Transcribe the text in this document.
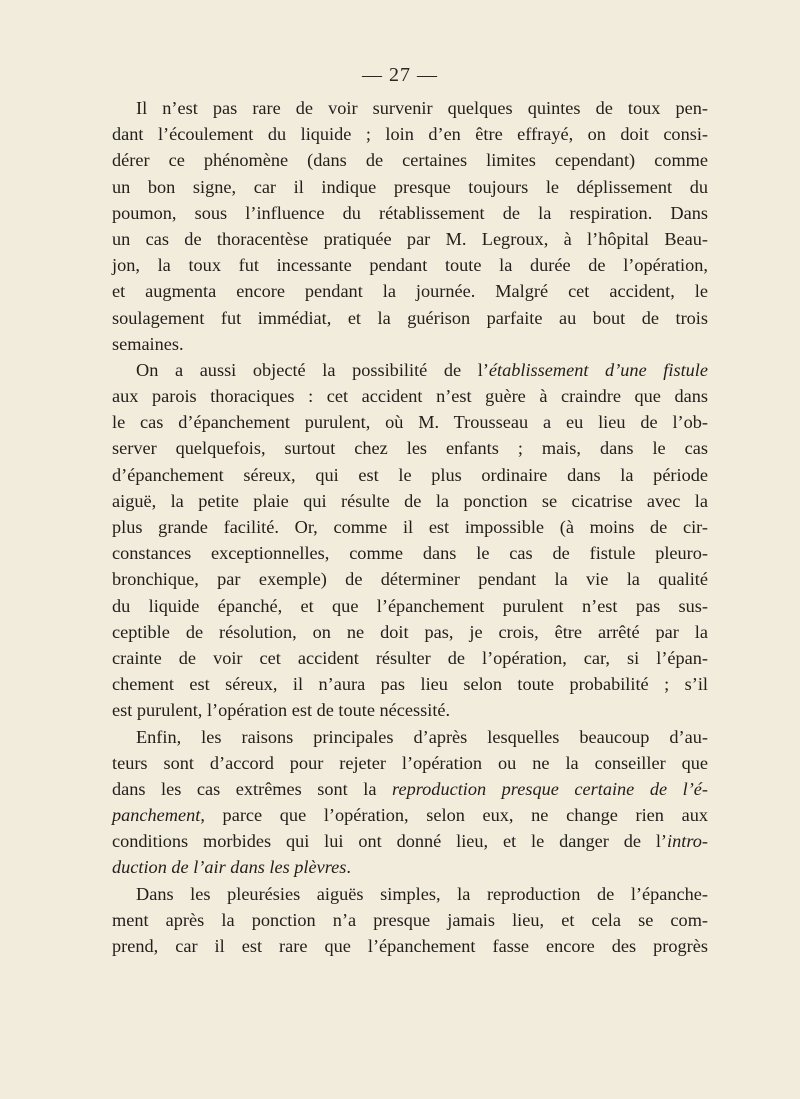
— 27 —
Il n’est pas rare de voir survenir quelques quintes de toux pen-
dant l’écoulement du liquide ; loin d’en être effrayé, on doit consi-
dérer ce phénomène (dans de certaines limites cependant) comme
un bon signe, car il indique presque toujours le déplissement du
poumon, sous l’influence du rétablissement de la respiration. Dans
un cas de thoracentèse pratiquée par M. Legroux, à l’hôpital Beau-
jon, la toux fut incessante pendant toute la durée de l’opération,
et augmenta encore pendant la journée. Malgré cet accident, le
soulagement fut immédiat, et la guérison parfaite au bout de trois
semaines.
On a aussi objecté la possibilité de l’établissement d’une fistule
aux parois thoraciques : cet accident n’est guère à craindre que dans
le cas d’épanchement purulent, où M. Trousseau a eu lieu de l’ob-
server quelquefois, surtout chez les enfants ; mais, dans le cas
d’épanchement séreux, qui est le plus ordinaire dans la période
aiguë, la petite plaie qui résulte de la ponction se cicatrise avec la
plus grande facilité. Or, comme il est impossible (à moins de cir-
constances exceptionnelles, comme dans le cas de fistule pleuro-
bronchique, par exemple) de déterminer pendant la vie la qualité
du liquide épanché, et que l’épanchement purulent n’est pas sus-
ceptible de résolution, on ne doit pas, je crois, être arrêté par la
crainte de voir cet accident résulter de l’opération, car, si l’épan-
chement est séreux, il n’aura pas lieu selon toute probabilité ; s’il
est purulent, l’opération est de toute nécessité.
Enfin, les raisons principales d’après lesquelles beaucoup d’au-
teurs sont d’accord pour rejeter l’opération ou ne la conseiller que
dans les cas extrêmes sont la reproduction presque certaine de l’é-
panchement, parce que l’opération, selon eux, ne change rien aux
conditions morbides qui lui ont donné lieu, et le danger de l’intro-
duction de l’air dans les plèvres.
Dans les pleurésies aiguës simples, la reproduction de l’épanche-
ment après la ponction n’a presque jamais lieu, et cela se com-
prend, car il est rare que l’épanchement fasse encore des progrès
